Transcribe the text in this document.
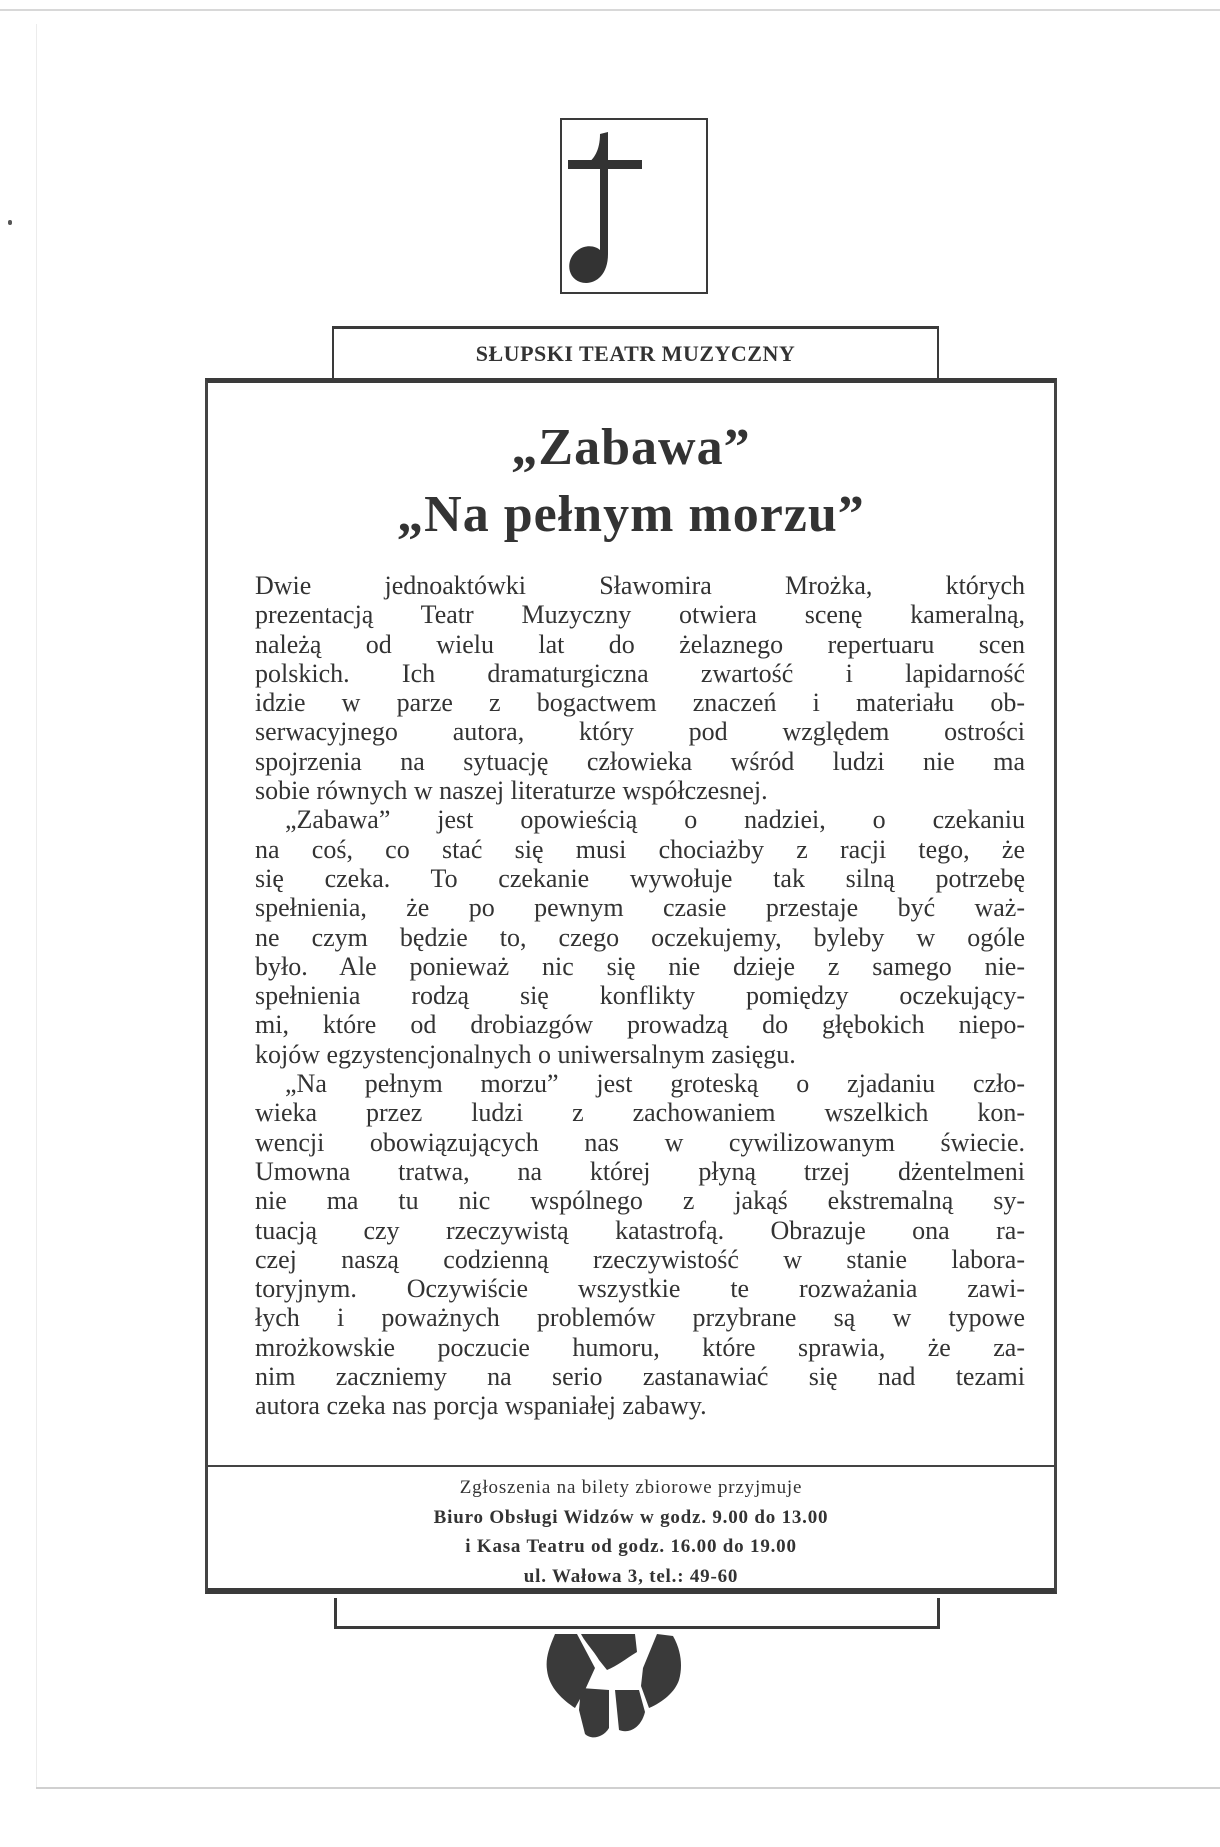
SŁUPSKI TEATR MUZYCZNY
„Zabawa”
„Na pełnym morzu”
Dwie jednoaktówki Sławomira Mrożka, których
prezentacją Teatr Muzyczny otwiera scenę kameralną,
należą od wielu lat do żelaznego repertuaru scen
polskich. Ich dramaturgiczna zwartość i lapidarność
idzie w parze z bogactwem znaczeń i materiału ob-
serwacyjnego autora, który pod względem ostrości
spojrzenia na sytuację człowieka wśród ludzi nie ma
sobie równych w naszej literaturze współczesnej.
„Zabawa” jest opowieścią o nadziei, o czekaniu
na coś, co stać się musi chociażby z racji tego, że
się czeka. To czekanie wywołuje tak silną potrzebę
spełnienia, że po pewnym czasie przestaje być waż-
ne czym będzie to, czego oczekujemy, byleby w ogóle
było. Ale ponieważ nic się nie dzieje z samego nie-
spełnienia rodzą się konflikty pomiędzy oczekujący-
mi, które od drobiazgów prowadzą do głębokich niepo-
kojów egzystencjonalnych o uniwersalnym zasięgu.
„Na pełnym morzu” jest groteską o zjadaniu czło-
wieka przez ludzi z zachowaniem wszelkich kon-
wencji obowiązujących nas w cywilizowanym świecie.
Umowna tratwa, na której płyną trzej dżentelmeni
nie ma tu nic wspólnego z jakąś ekstremalną sy-
tuacją czy rzeczywistą katastrofą. Obrazuje ona ra-
czej naszą codzienną rzeczywistość w stanie labora-
toryjnym. Oczywiście wszystkie te rozważania zawi-
łych i poważnych problemów przybrane są w typowe
mrożkowskie poczucie humoru, które sprawia, że za-
nim zaczniemy na serio zastanawiać się nad tezami
autora czeka nas porcja wspaniałej zabawy.
Zgłoszenia na bilety zbiorowe przyjmuje
Biuro Obsługi Widzów w godz. 9.00 do 13.00
i Kasa Teatru od godz. 16.00 do 19.00
ul. Wałowa 3, tel.: 49-60
